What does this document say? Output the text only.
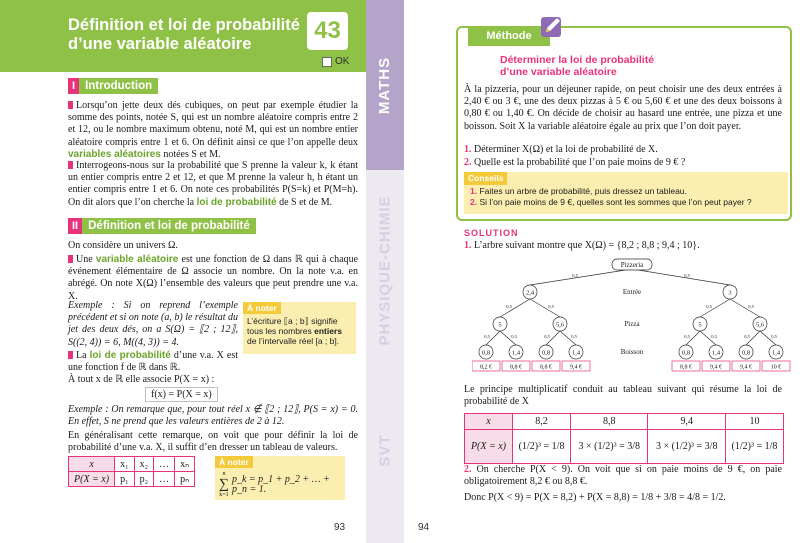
Définition et loi de probabilité
d’une variable aléatoire	43
OK
I Introduction

Lorsqu’on jette deux dés cubiques, on peut par exemple étudier la somme des points, notée S, qui est un nombre aléatoire compris entre 2 et 12, ou le nombre maximum obtenu, noté M, qui est un nombre entier aléatoire compris entre 1 et 6. On définit ainsi ce que l’on appelle deux variables aléatoires notées S et M.

Interrogeons-nous sur la probabilité que S prenne la valeur k, k étant un entier compris entre 2 et 12, et que M prenne la valeur h, h étant un entier compris entre 1 et 6. On note ces probabilités P(S=k) et P(M=h). On dit alors que l’on cherche la loi de probabilité de S et de M.

II Définition et loi de probabilité

On considère un univers Ω.

Une variable aléatoire est une fonction de Ω dans ℝ qui à chaque événement élémentaire de Ω associe un nombre. On la note v.a. en abrégé. On note X(Ω) l’ensemble des valeurs que peut prendre une v.a. X.

Exemple : Si on reprend l’exemple précédent et si on note (a, b) le résultat du jet des deux dés, on a S(Ω) = ⟦2 ; 12⟧, S((2, 4)) = 6, M((4, 3)) = 4.

La loi de probabilité d’une v.a. X est une fonction f de ℝ dans ℝ.

À tout x de ℝ elle associe P(X = x) :

f(x) = P(X = x)

Exemple : On remarque que, pour tout réel x ∉ ⟦2 ; 12⟧, P(S = x) = 0. En effet, S ne prend que les valeurs entières de 2 à 12.

En généralisant cette remarque, on voit que pour définir la loi de probabilité d’une v.a. X, il suffit d’en dresser un tableau de valeurs.

À noter
L’écriture ⟦a ; b⟧ signifie tous les nombres entiers de l’intervalle réel [a ; b].
x	x₁	x₂	…	xₙ
P(X = x)	p₁	p₂	…	pₙ
À noter
n
∑
k=1
p_k = p_1 + p_2 + … + p_n = 1.
93
MATHS
PHYSIQUE-CHIMIE
SVT
Méthode
Déterminer la loi de probabilité
d’une variable aléatoire

À la pizzeria, pour un déjeuner rapide, on peut choisir une des deux entrées à 2,40 € ou 3 €, une des deux pizzas à 5 € ou 5,60 € et une des deux boissons à 0,80 € ou 1,40 €. On décide de choisir au hasard une entrée, une pizza et une boisson. Soit X la variable aléatoire égale au prix que l’on doit payer.

1. Déterminer X(Ω) et la loi de probabilité de X.

2. Quelle est la probabilité que l’on paie moins de 9 € ?

Conseils
1. Faites un arbre de probabilité, puis dressez un tableau.
2. Si l’on paie moins de 9 €, quelles sont les sommes que l’on peut payer ?
SOLUTION

1. L’arbre suivant montre que X(Ω) = {8,2 ; 8,8 ; 9,4 ; 10}.

0,5	0,5
0,5	0,5	0,5	0,5
0,5	0,5	0,5	0,5	0,5	0,5	0,5	0,5
Pizzeria
2,4	3
5	5,6	5	5,6
0,8	1,4	0,8	1,4	0,8	1,4	0,8	1,4
Entrée
Pizza
Boisson
8,2 €	8,8 €	8,8 €	9,4 €	8,8 €	9,4 €	9,4 €	10 €

Le principe multiplicatif conduit au tableau suivant qui résume la loi de probabilité de X

x	8,2	8,8	9,4	10
P(X = x)	(1/2)³ = 1/8	3 × (1/2)³ = 3/8	3 × (1/2)³ = 3/8	(1/2)³ = 1/8

2. On cherche P(X < 9). On voit que si on paie moins de 9 €, on paie obligatoirement 8,2 € ou 8,8 €.

Donc P(X < 9) = P(X = 8,2) + P(X = 8,8) = 1/8 + 3/8 = 4/8 = 1/2.

94
